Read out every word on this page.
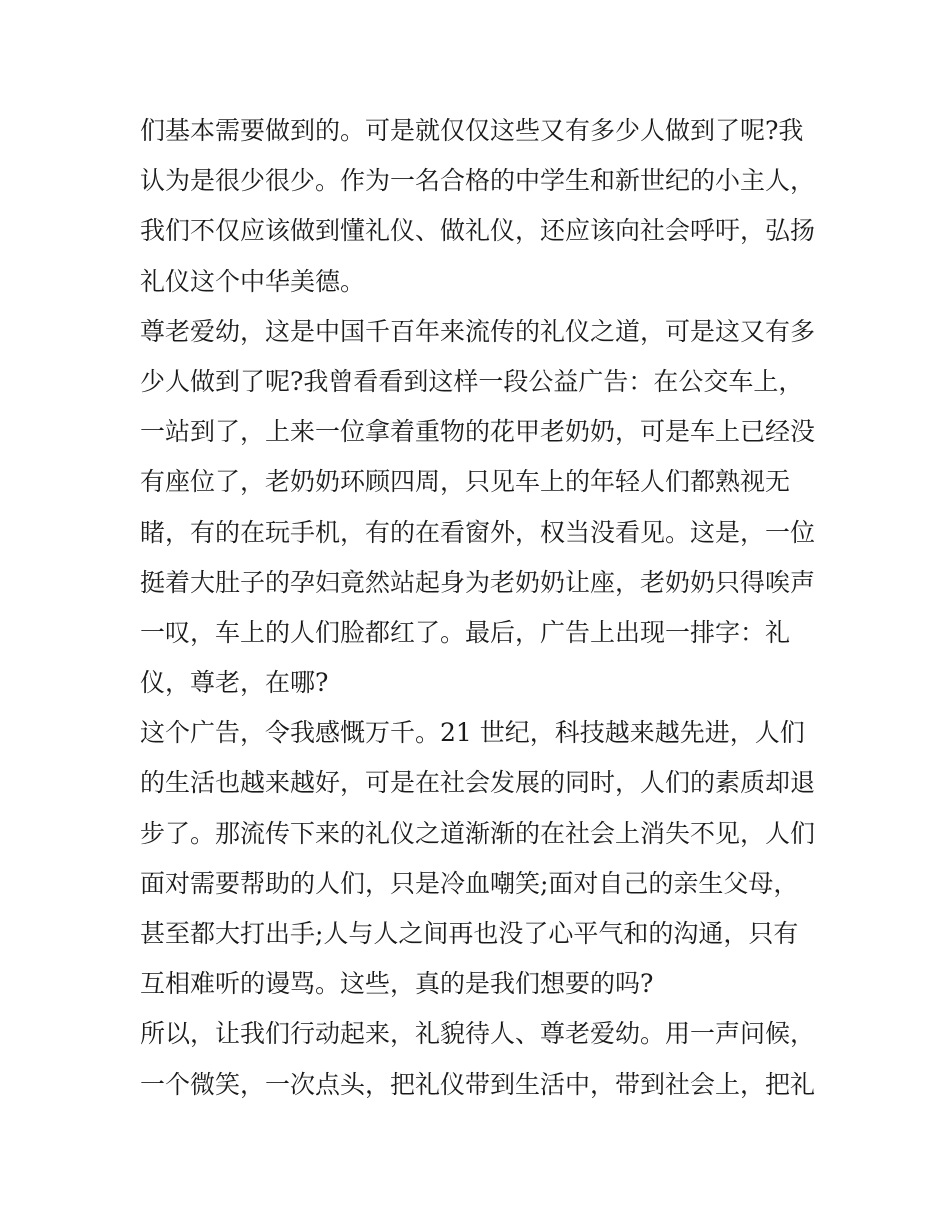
们基本需要做到的。可是就仅仅这些又有多少人做到了呢?我
认为是很少很少。作为一名合格的中学生和新世纪的小主人，
我们不仅应该做到懂礼仪、做礼仪，还应该向社会呼吁，弘扬
礼仪这个中华美德。
尊老爱幼，这是中国千百年来流传的礼仪之道，可是这又有多
少人做到了呢?我曾看看到这样一段公益广告：在公交车上，
一站到了，上来一位拿着重物的花甲老奶奶，可是车上已经没
有座位了，老奶奶环顾四周，只见车上的年轻人们都熟视无
睹，有的在玩手机，有的在看窗外，权当没看见。这是，一位
挺着大肚子的孕妇竟然站起身为老奶奶让座，老奶奶只得唉声
一叹，车上的人们脸都红了。最后，广告上出现一排字：礼
仪，尊老，在哪?
这个广告，令我感慨万千。21 世纪，科技越来越先进，人们
的生活也越来越好，可是在社会发展的同时，人们的素质却退
步了。那流传下来的礼仪之道渐渐的在社会上消失不见，人们
面对需要帮助的人们，只是冷血嘲笑;面对自己的亲生父母，
甚至都大打出手;人与人之间再也没了心平气和的沟通，只有
互相难听的谩骂。这些，真的是我们想要的吗?
所以，让我们行动起来，礼貌待人、尊老爱幼。用一声问候，
一个微笑，一次点头，把礼仪带到生活中，带到社会上，把礼
